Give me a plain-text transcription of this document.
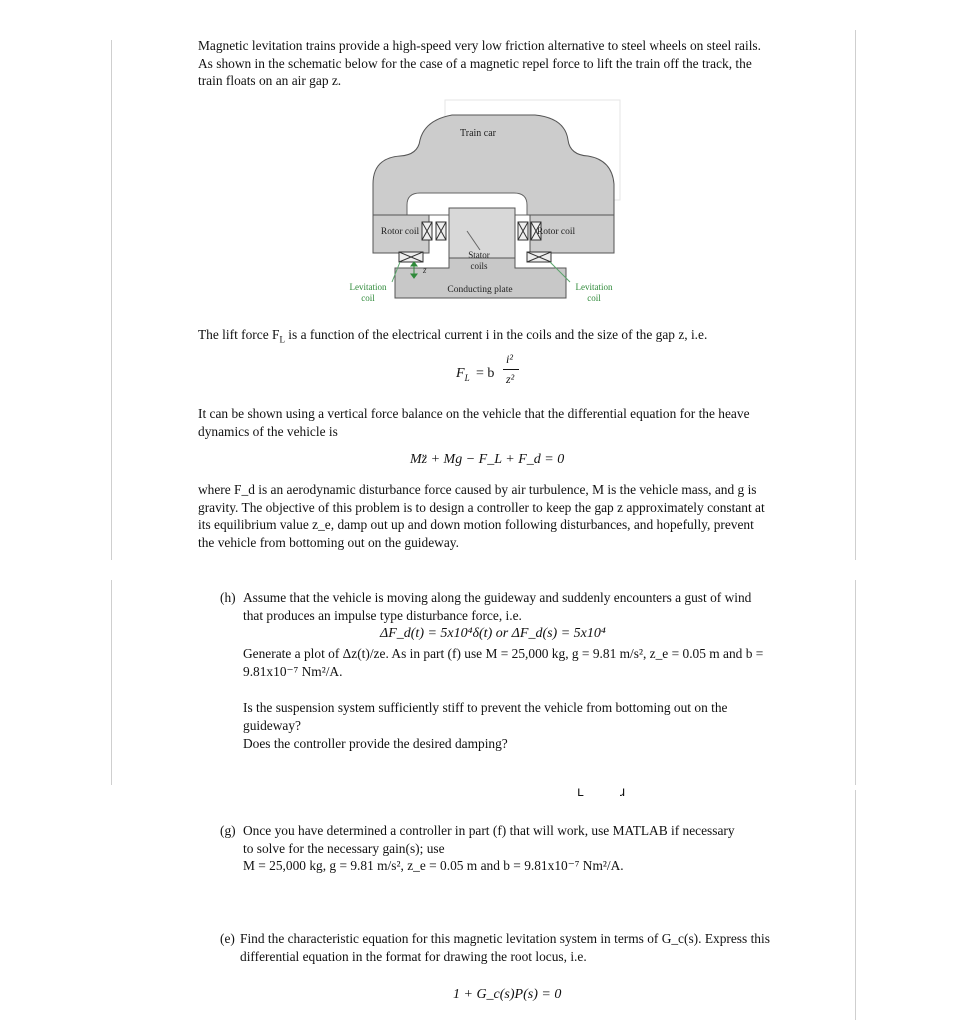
Magnetic levitation trains provide a high-speed very low friction alternative to steel wheels on steel rails. As shown in the schematic below for the case of a magnetic repel force to lift the train off the track, the train floats on an air gap z.

Train car
Rotor coil	Rotor coil
Stator
coils
z
Conducting plate
Levitation
coil
Levitation
coil

The lift force $F_L$ is a function of the electrical current i in the coils and the size of the gap z, i.e.

$F_L = b$
i²
z²

It can be shown using a vertical force balance on the vehicle that the differential equation for the heave dynamics of the vehicle is

Mz̈ + Mg − F_L + F_d = 0

where F_d is an aerodynamic disturbance force caused by air turbulence, M is the vehicle mass, and g is gravity. The objective of this problem is to design a controller to keep the gap z approximately constant at its equilibrium value z_e, damp out up and down motion following disturbances, and hopefully, prevent the vehicle from bottoming out on the guideway.

(h) Assume that the vehicle is moving along the guideway and suddenly encounters a gust of wind that produces an impulse type disturbance force, i.e.

ΔF_d(t) = 5x10⁴δ(t) or ΔF_d(s) = 5x10⁴

Generate a plot of Δz(t)/ze. As in part (f) use M = 25,000 kg, g = 9.81 m/s², z_e = 0.05 m and b = 9.81x10⁻⁷ Nm²/A.

Is the suspension system sufficiently stiff to prevent the vehicle from bottoming out on the guideway?

Does the controller provide the desired damping?

ʟ	ɹ
(g) Once you have determined a controller in part (f) that will work, use MATLAB if necessary to solve for the necessary gain(s); use

M = 25,000 kg, g = 9.81 m/s², z_e = 0.05 m and b = 9.81x10⁻⁷ Nm²/A.

(e) Find the characteristic equation for this magnetic levitation system in terms of G_c(s). Express this differential equation in the format for drawing the root locus, i.e.

1 + G_c(s)P(s) = 0
